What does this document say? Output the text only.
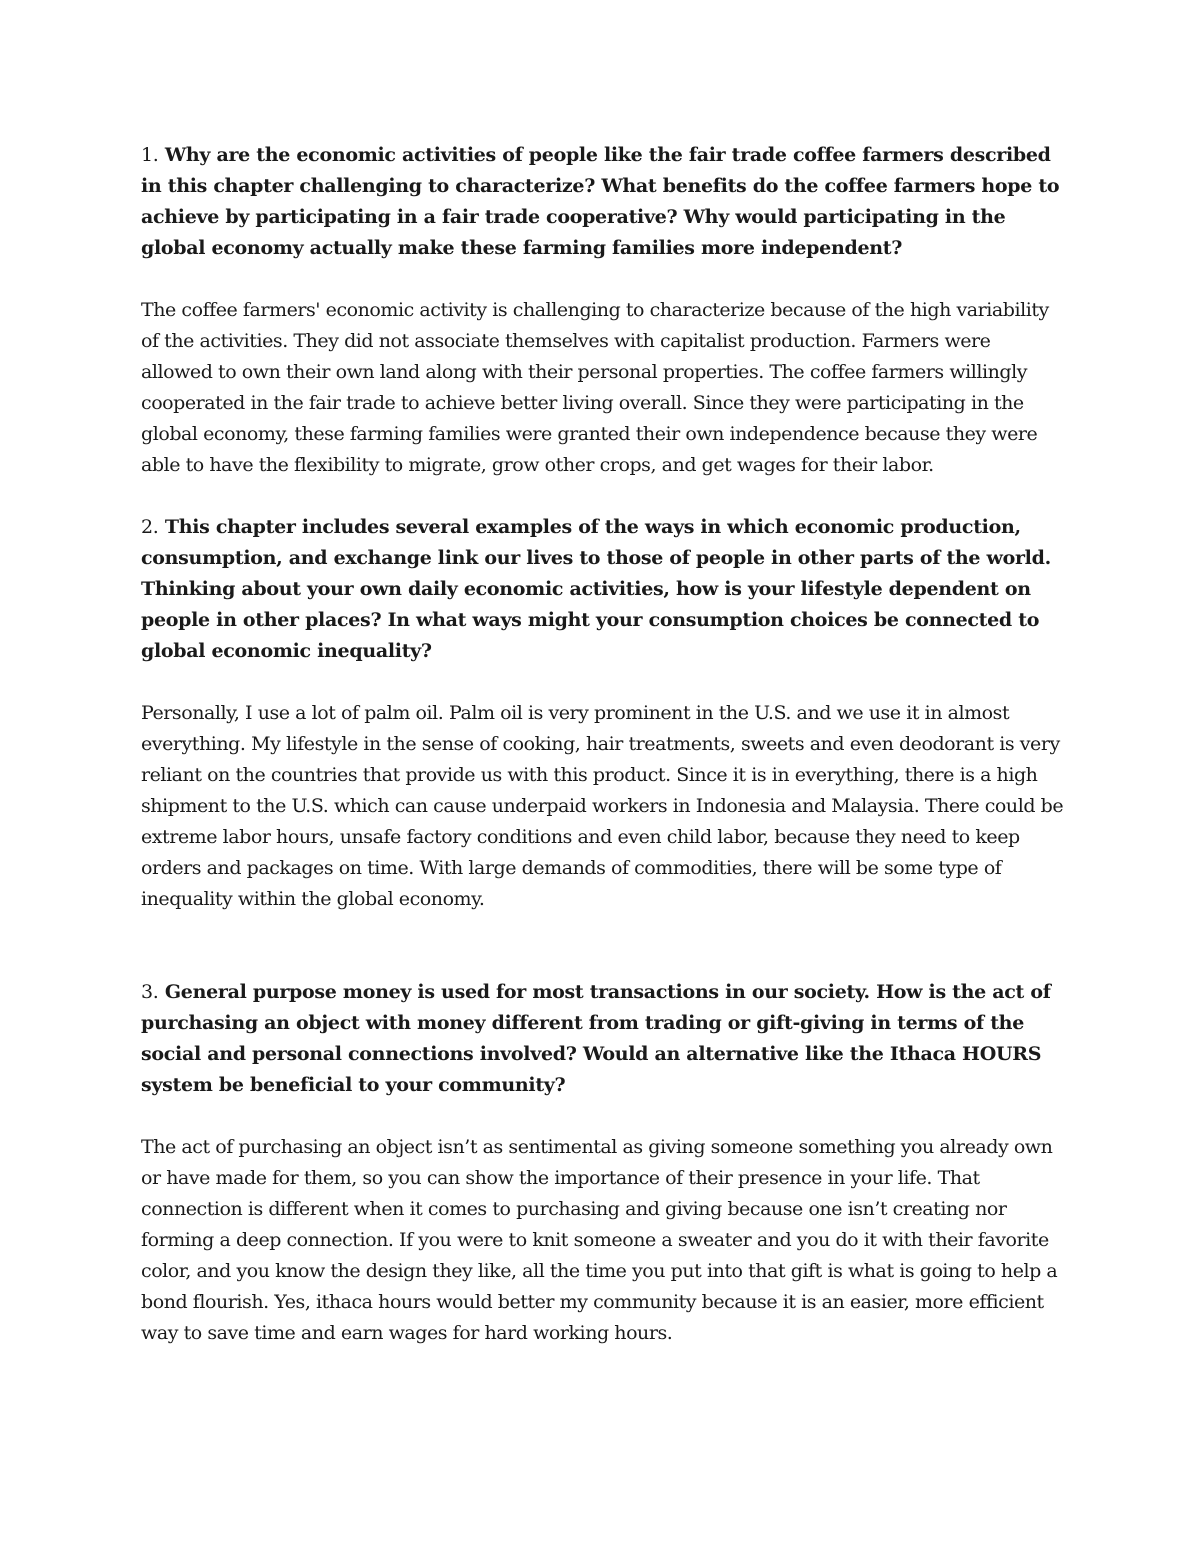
1. Why are the economic activities of people like the fair trade coffee farmers described in this chapter challenging to characterize? What benefits do the coffee farmers hope to achieve by participating in a fair trade cooperative? Why would participating in the global economy actually make these farming families more independent?

The coffee farmers' economic activity is challenging to characterize because of the high variability of the activities. They did not associate themselves with capitalist production. Farmers were allowed to own their own land along with their personal properties. The coffee farmers willingly cooperated in the fair trade to achieve better living overall. Since they were participating in the global economy, these farming families were granted their own independence because they were able to have the flexibility to migrate, grow other crops, and get wages for their labor.

2. This chapter includes several examples of the ways in which economic production, consumption, and exchange link our lives to those of people in other parts of the world. Thinking about your own daily economic activities, how is your lifestyle dependent on people in other places? In what ways might your consumption choices be connected to global economic inequality?

Personally, I use a lot of palm oil. Palm oil is very prominent in the U.S. and we use it in almost everything. My lifestyle in the sense of cooking, hair treatments, sweets and even deodorant is very reliant on the countries that provide us with this product. Since it is in everything, there is a high shipment to the U.S. which can cause underpaid workers in Indonesia and Malaysia. There could be extreme labor hours, unsafe factory conditions and even child labor, because they need to keep orders and packages on time. With large demands of commodities, there will be some type of inequality within the global economy.

3. General purpose money is used for most transactions in our society. How is the act of purchasing an object with money different from trading or gift-giving in terms of the social and personal connections involved? Would an alternative like the Ithaca HOURS system be beneficial to your community?

The act of purchasing an object isn’t as sentimental as giving someone something you already own or have made for them, so you can show the importance of their presence in your life. That connection is different when it comes to purchasing and giving because one isn’t creating nor forming a deep connection. If you were to knit someone a sweater and you do it with their favorite color, and you know the design they like, all the time you put into that gift is what is going to help a bond flourish. Yes, ithaca hours would better my community because it is an easier, more efficient way to save time and earn wages for hard working hours.
